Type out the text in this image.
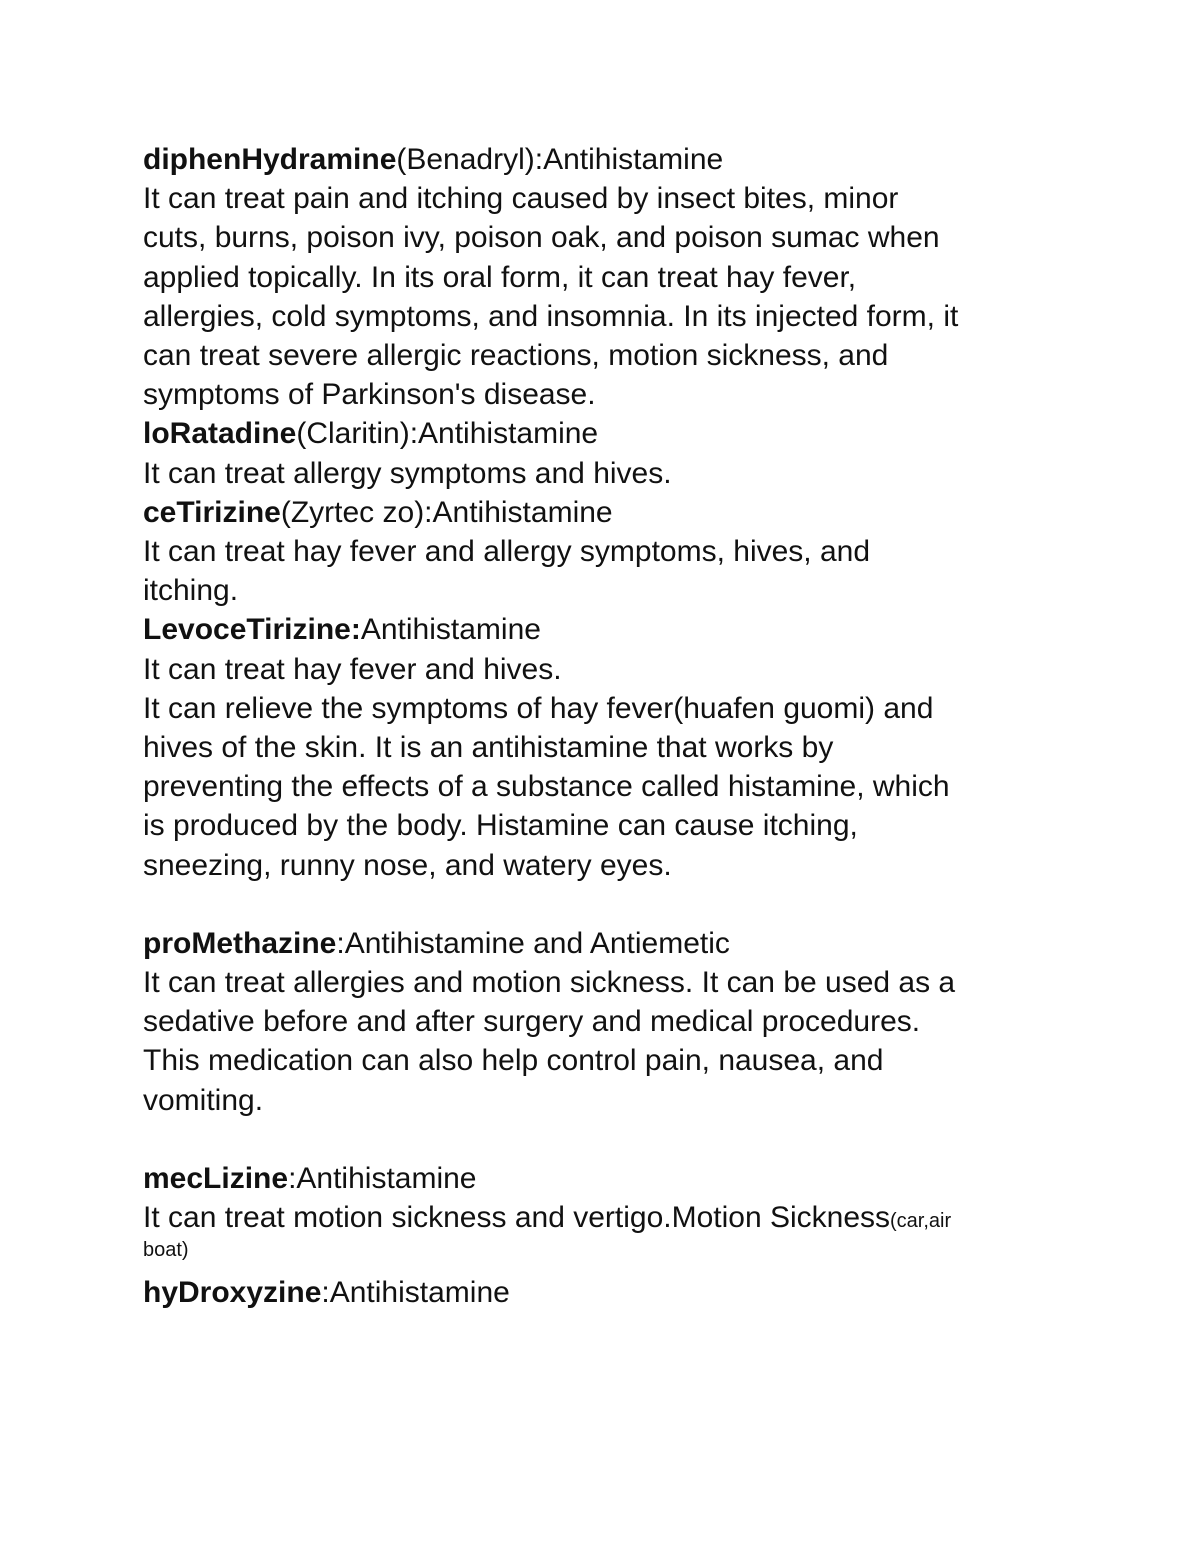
diphenHydramine(Benadryl):Antihistamine
It can treat pain and itching caused by insect bites, minor
cuts, burns, poison ivy, poison oak, and poison sumac when
applied topically. In its oral form, it can treat hay fever,
allergies, cold symptoms, and insomnia. In its injected form, it
can treat severe allergic reactions, motion sickness, and
symptoms of Parkinson's disease.
loRatadine(Claritin):Antihistamine
It can treat allergy symptoms and hives.
ceTirizine(Zyrtec zo):Antihistamine
It can treat hay fever and allergy symptoms, hives, and
itching.
LevoceTirizine:Antihistamine
It can treat hay fever and hives.
It can relieve the symptoms of hay fever(huafen guomi) and
hives of the skin. It is an antihistamine that works by
preventing the effects of a substance called histamine, which
is produced by the body. Histamine can cause itching,
sneezing, runny nose, and watery eyes.
proMethazine:Antihistamine and Antiemetic
It can treat allergies and motion sickness. It can be used as a
sedative before and after surgery and medical procedures.
This medication can also help control pain, nausea, and
vomiting.
mecLizine:Antihistamine
It can treat motion sickness and vertigo.Motion Sickness(car,air
boat)
hyDroxyzine:Antihistamine
